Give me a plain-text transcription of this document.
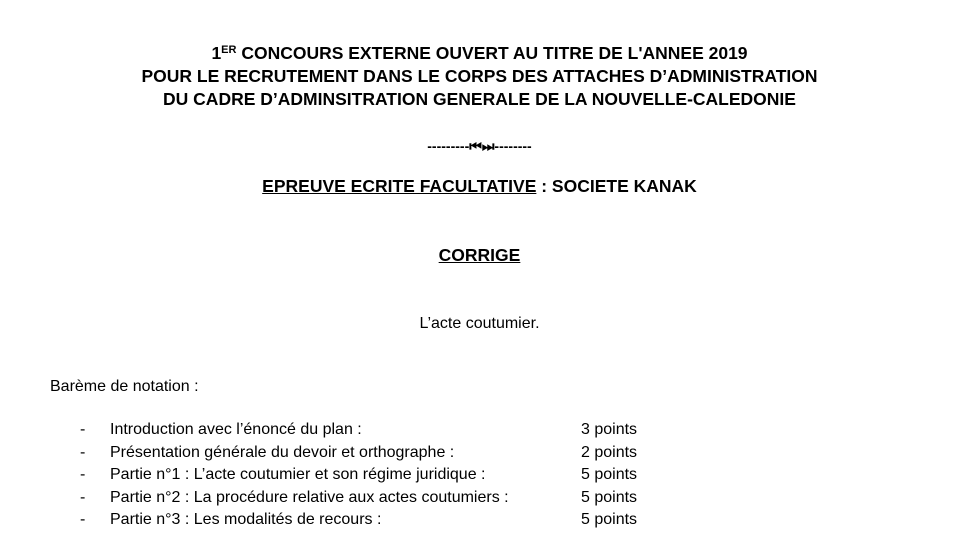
1ER CONCOURS EXTERNE OUVERT AU TITRE DE L'ANNEE 2019
POUR LE RECRUTEMENT DANS LE CORPS DES ATTACHES D’ADMINISTRATION
DU CADRE D’ADMINSITRATION GENERALE DE LA NOUVELLE-CALEDONIE
---------⏮⏭--------
EPREUVE ECRITE FACULTATIVE : SOCIETE KANAK
CORRIGE
L’acte coutumier.
Barème de notation :
- Introduction avec l’énoncé du plan :	3 points
- Présentation générale du devoir et orthographe :	2 points
- Partie n°1 : L’acte coutumier et son régime juridique :	5 points
- Partie n°2 : La procédure relative aux actes coutumiers :	5 points
- Partie n°3 : Les modalités de recours :	5 points
